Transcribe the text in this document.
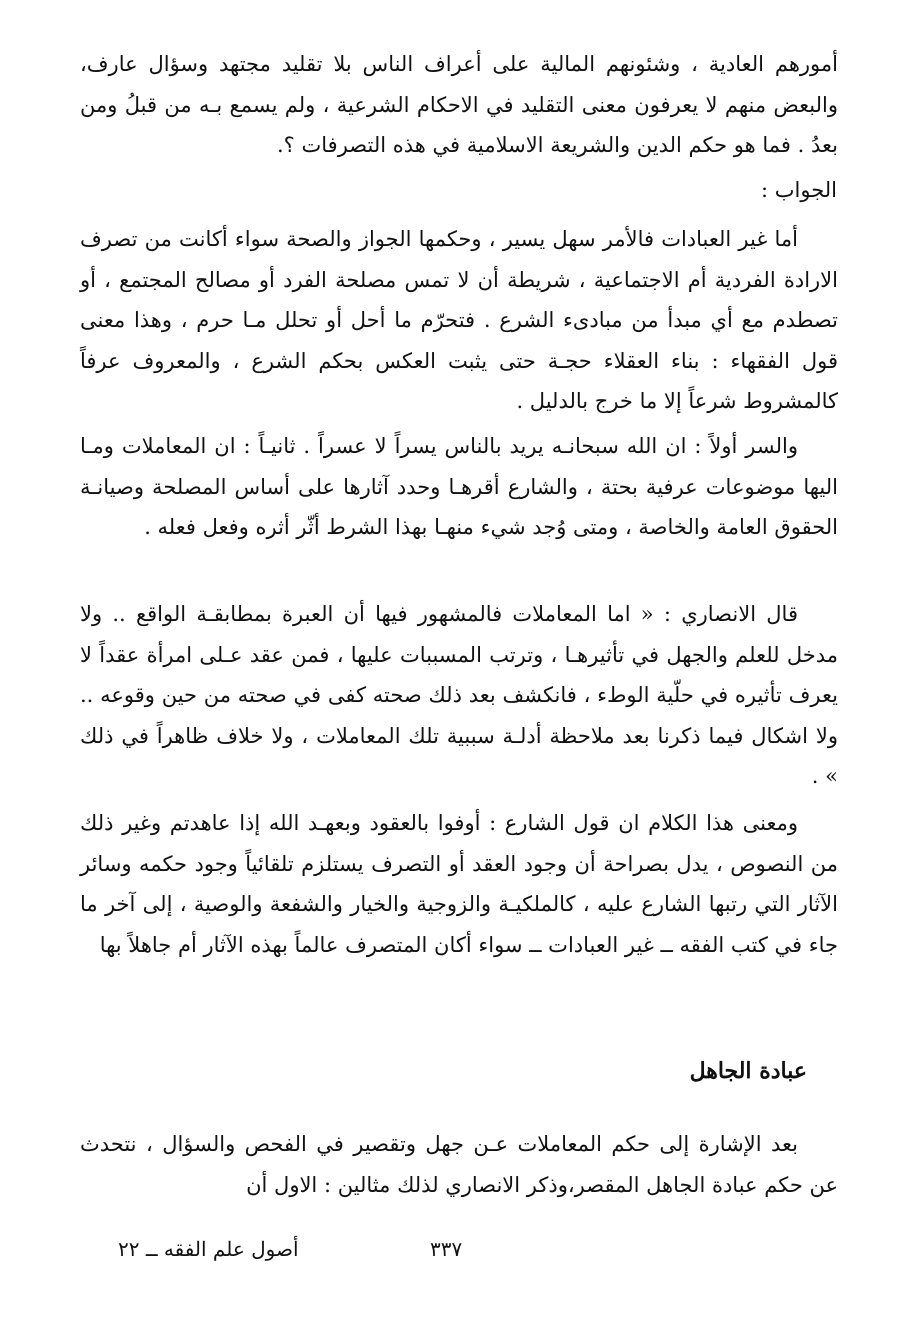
أمورهم العادية ، وشئونهم المالية على أعراف الناس بلا تقليد مجتهد وسؤال عارف، والبعض منهم لا يعرفون معنى التقليد في الاحكام الشرعية ، ولم يسمع بـه من قبلُ ومن بعدُ . فما هو حكم الدين والشريعة الاسلامية في هذه التصرفات ؟.

الجواب :

أما غير العبادات فالأمر سهل يسير ، وحكمها الجواز والصحة سواء أكانت من تصرف الارادة الفردية أم الاجتماعية ، شريطة أن لا تمس مصلحة الفرد أو مصالح المجتمع ، أو تصطدم مع أي مبدأ من مبادىء الشرع . فتحرّم ما أحل أو تحلل مـا حرم ، وهذا معنى قول الفقهاء : بناء العقلاء حجـة حتى يثبت العكس بحكم الشرع ، والمعروف عرفاً كالمشروط شرعاً إلا ما خرج بالدليل .

والسر أولاً : ان الله سبحانـه يريد بالناس يسراً لا عسراً . ثانيـاً : ان المعاملات ومـا اليها موضوعات عرفية بحتة ، والشارع أقرهـا وحدد آثارها على أساس المصلحة وصيانـة الحقوق العامة والخاصة ، ومتى وُجد شيء منهـا بهذا الشرط أثّر أثره وفعل فعله .

قال الانصاري : « اما المعاملات فالمشهور فيها أن العبرة بمطابقـة الواقع .. ولا مدخل للعلم والجهل في تأثيرهـا ، وترتب المسببات عليها ، فمن عقد عـلى امرأة عقداً لا يعرف تأثيره في حلّية الوطء ، فانكشف بعد ذلك صحته كفى في صحته من حين وقوعه .. ولا اشكال فيما ذكرنا بعد ملاحظة أدلـة سببية تلك المعاملات ، ولا خلاف ظاهراً في ذلك » .

ومعنى هذا الكلام ان قول الشارع : أوفوا بالعقود وبعهـد الله إذا عاهدتم وغير ذلك من النصوص ، يدل بصراحة أن وجود العقد أو التصرف يستلزم تلقائياً وجود حكمه وسائر الآثار التي رتبها الشارع عليه ، كالملكيـة والزوجية والخيار والشفعة والوصية ، إلى آخر ما جاء في كتب الفقه ــ غير العبادات ــ سواء أكان المتصرف عالماً بهذه الآثار أم جاهلاً بها

عبادة الجاهل

بعد الإشارة إلى حكم المعاملات عـن جهل وتقصير في الفحص والسؤال ، نتحدث عن حكم عبادة الجاهل المقصر،وذكر الانصاري لذلك مثالين : الاول أن

أصول علم الفقه ــ ٢٢	٣٣٧
